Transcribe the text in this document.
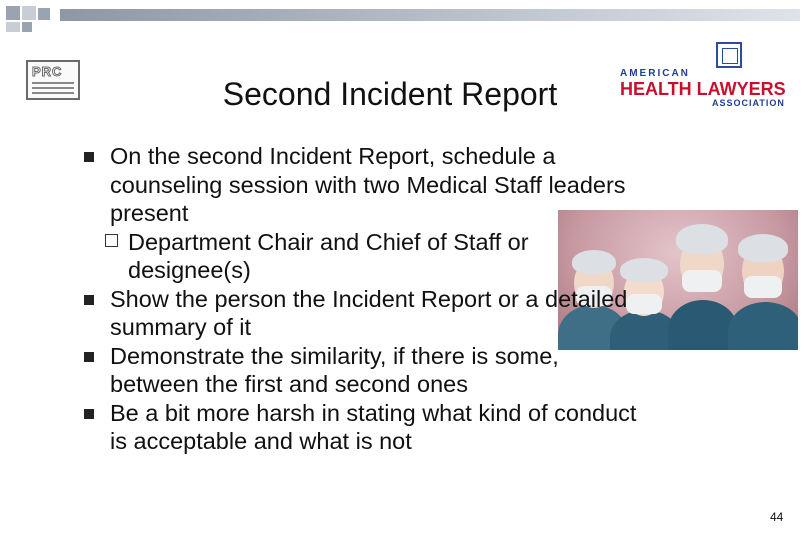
PRC
Second Incident Report
AMERICAN
HEALTH LAWYERS
ASSOCIATION
On the second Incident Report, schedule a counseling session with two Medical Staff leaders present
Department Chair and Chief of Staff or designee(s)
Show the person the Incident Report or a detailed summary of it
Demonstrate the similarity, if there is some, between the first and second ones
Be a bit more harsh in stating what kind of conduct is acceptable and what is not
44
